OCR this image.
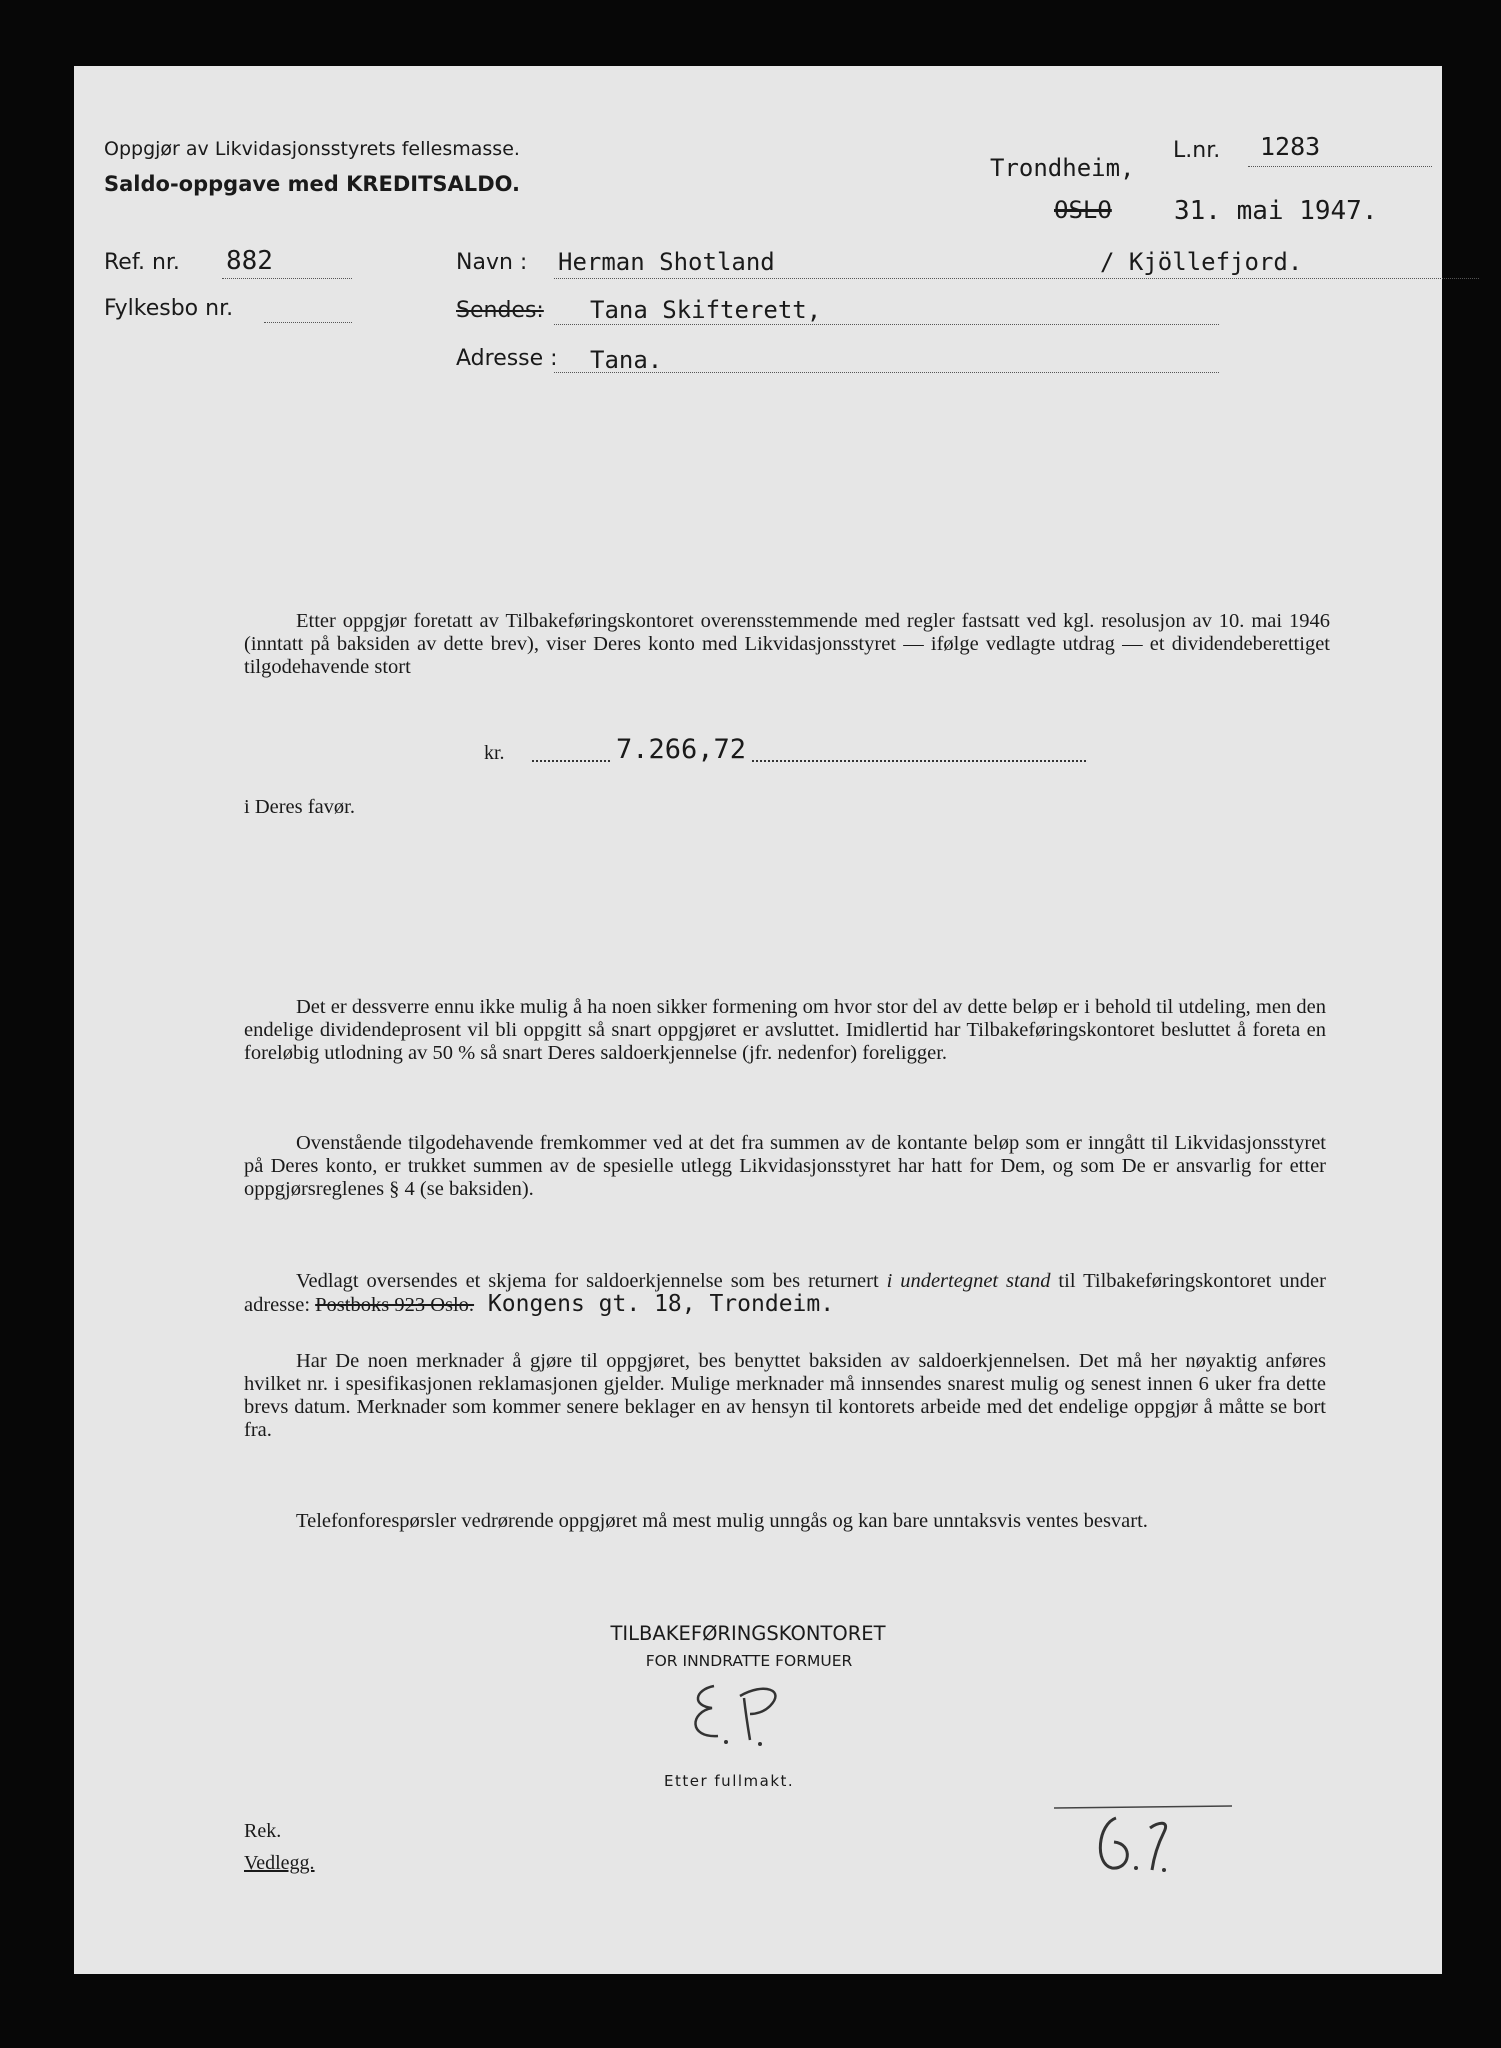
Oppgjør av Likvidasjonsstyrets fellesmasse.
Saldo-oppgave med KREDITSALDO.
L.nr. 1283
Trondheim,
OSLO 31. mai 1947.
Ref. nr. 882
Fylkesbo nr.
Navn : Herman Shotland	/ Kjöllefjord.
Sendes: Tana Skifterett,
Adresse : Tana.

Etter oppgjør foretatt av Tilbakeføringskontoret overensstemmende med regler fastsatt ved kgl. resolusjon av 10. mai 1946 (inntatt på baksiden av dette brev), viser Deres konto med Likvidasjonsstyret — ifølge vedlagte utdrag — et dividendeberettiget tilgodehavende stort

kr.	7.266,72
i Deres favør.

Det er dessverre ennu ikke mulig å ha noen sikker formening om hvor stor del av dette beløp er i behold til utdeling, men den endelige dividendeprosent vil bli oppgitt så snart oppgjøret er avsluttet. Imidlertid har Tilbakeføringskontoret besluttet å foreta en foreløbig utlodning av 50 % så snart Deres saldoerkjennelse (jfr. nedenfor) foreligger.

Ovenstående tilgodehavende fremkommer ved at det fra summen av de kontante beløp som er inngått til Likvidasjonsstyret på Deres konto, er trukket summen av de spesielle utlegg Likvidasjonsstyret har hatt for Dem, og som De er ansvarlig for etter oppgjørsreglenes § 4 (se baksiden).

Vedlagt oversendes et skjema for saldoerkjennelse som bes returnert i undertegnet stand til Tilbakeføringskontoret under adresse: Postboks 923 Oslo. Kongens gt. 18, Trondeim.

Har De noen merknader å gjøre til oppgjøret, bes benyttet baksiden av saldoerkjennelsen. Det må her nøyaktig anføres hvilket nr. i spesifikasjonen reklamasjonen gjelder. Mulige merknader må innsendes snarest mulig og senest innen 6 uker fra dette brevs datum. Merknader som kommer senere beklager en av hensyn til kontorets arbeide med det endelige oppgjør å måtte se bort fra.

Telefonforespørsler vedrørende oppgjøret må mest mulig unngås og kan bare unntaksvis ventes besvart.

TILBAKEFØRINGSKONTORET
FOR INNDRATTE FORMUER
Etter fullmakt.
Rek.
Vedlegg.
